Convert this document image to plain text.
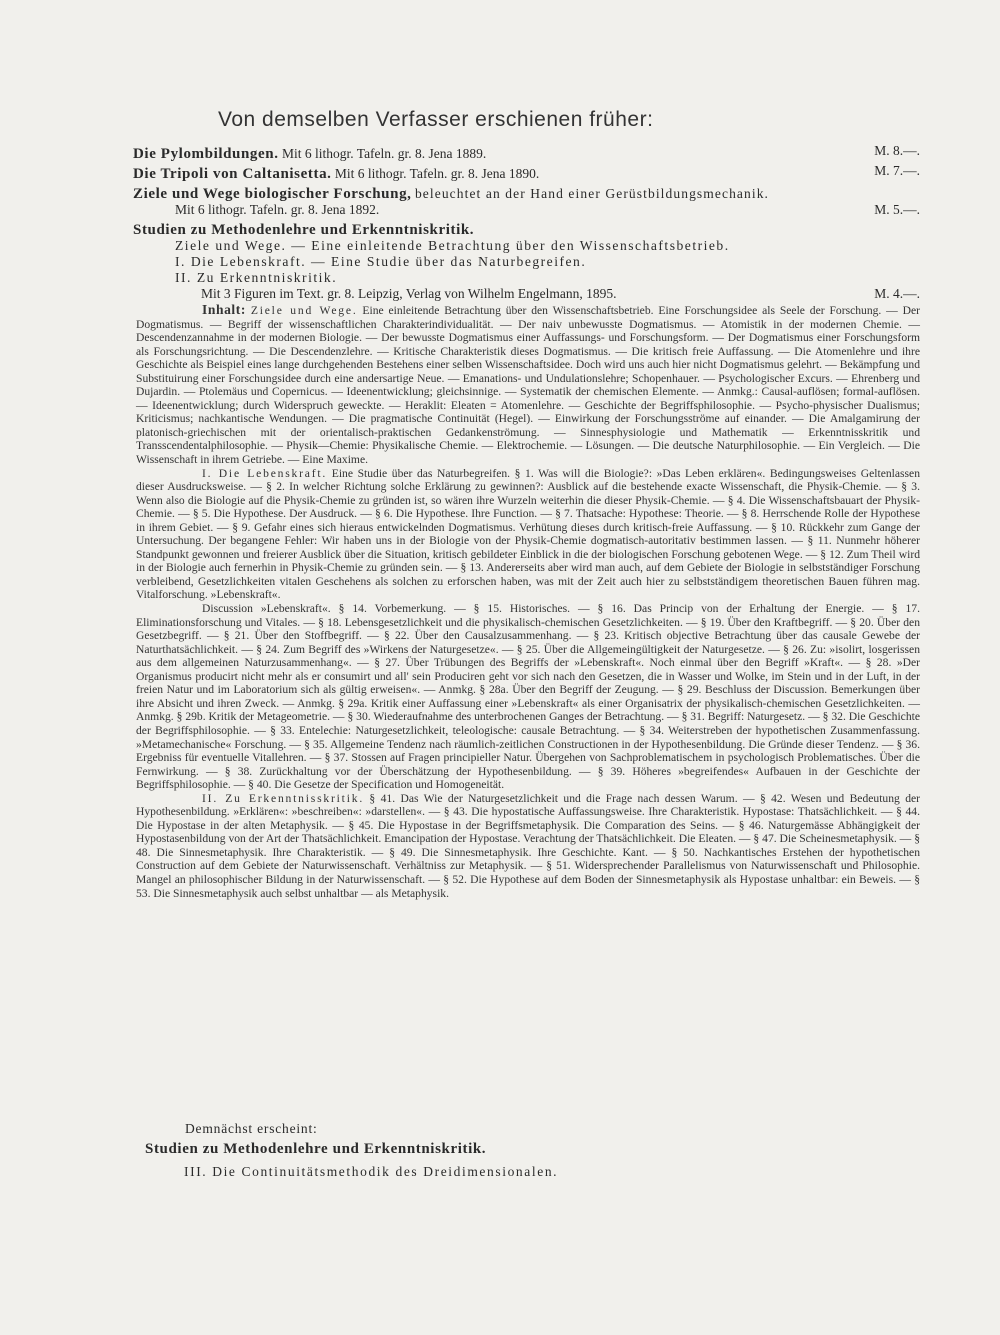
Von demselben Verfasser erschienen früher:
Die Pylombildungen. Mit 6 lithogr. Tafeln. gr. 8. Jena 1889.	M. 8.—.
Die Tripoli von Caltanisetta. Mit 6 lithogr. Tafeln. gr. 8. Jena 1890.	M. 7.—.
Ziele und Wege biologischer Forschung, beleuchtet an der Hand einer Gerüstbildungsmechanik.
Mit 6 lithogr. Tafeln. gr. 8. Jena 1892.	M. 5.—.
Studien zu Methodenlehre und Erkenntniskritik.
Ziele und Wege. — Eine einleitende Betrachtung über den Wissenschaftsbetrieb.
I. Die Lebenskraft. — Eine Studie über das Naturbegreifen.
II. Zu Erkenntniskritik.
Mit 3 Figuren im Text. gr. 8. Leipzig, Verlag von Wilhelm Engelmann, 1895.	M. 4.—.

Inhalt: Ziele und Wege. Eine einleitende Betrachtung über den Wissenschaftsbetrieb. Eine Forschungsidee als Seele der Forschung. — Der Dogmatismus. — Begriff der wissenschaftlichen Charakterindividualität. — Der naiv unbewusste Dogmatismus. — Atomistik in der modernen Chemie. — Descendenzannahme in der modernen Biologie. — Der bewusste Dogmatismus einer Auffassungs- und Forschungsform. — Der Dogmatismus einer Forschungsform als Forschungsrichtung. — Die Descendenzlehre. — Kritische Charakteristik dieses Dogmatismus. — Die kritisch freie Auffassung. — Die Atomenlehre und ihre Geschichte als Beispiel eines lange durchgehenden Bestehens einer selben Wissenschaftsidee. Doch wird uns auch hier nicht Dogmatismus gelehrt. — Bekämpfung und Substituirung einer Forschungsidee durch eine andersartige Neue. — Emanations- und Undulationslehre; Schopenhauer. — Psychologischer Excurs. — Ehrenberg und Dujardin. — Ptolemäus und Copernicus. — Ideenentwicklung; gleichsinnige. — Systematik der chemischen Elemente. — Anmkg.: Causal-auflösen; formal-auflösen. — Ideenentwicklung; durch Widerspruch geweckte. — Heraklit: Eleaten = Atomenlehre. — Geschichte der Begriffsphilosophie. — Psycho-physischer Dualismus; Kriticismus; nachkantische Wendungen. — Die pragmatische Continuität (Hegel). — Einwirkung der Forschungsströme auf einander. — Die Amalgamirung der platonisch-griechischen mit der orientalisch-praktischen Gedankenströmung. — Sinnesphysiologie und Mathematik — Erkenntnisskritik und Transscendentalphilosophie. — Physik—Chemie: Physikalische Chemie. — Elektrochemie. — Lösungen. — Die deutsche Naturphilosophie. — Ein Vergleich. — Die Wissenschaft in ihrem Getriebe. — Eine Maxime.

I. Die Lebenskraft. Eine Studie über das Naturbegreifen. § 1. Was will die Biologie?: »Das Leben erklären«. Bedingungsweises Geltenlassen dieser Ausdrucksweise. — § 2. In welcher Richtung solche Erklärung zu gewinnen?: Ausblick auf die bestehende exacte Wissenschaft, die Physik-Chemie. — § 3. Wenn also die Biologie auf die Physik-Chemie zu gründen ist, so wären ihre Wurzeln weiterhin die dieser Physik-Chemie. — § 4. Die Wissenschaftsbauart der Physik-Chemie. — § 5. Die Hypothese. Der Ausdruck. — § 6. Die Hypothese. Ihre Function. — § 7. Thatsache: Hypothese: Theorie. — § 8. Herrschende Rolle der Hypothese in ihrem Gebiet. — § 9. Gefahr eines sich hieraus entwickelnden Dogmatismus. Verhütung dieses durch kritisch-freie Auffassung. — § 10. Rückkehr zum Gange der Untersuchung. Der begangene Fehler: Wir haben uns in der Biologie von der Physik-Chemie dogmatisch-autoritativ bestimmen lassen. — § 11. Nunmehr höherer Standpunkt gewonnen und freierer Ausblick über die Situation, kritisch gebildeter Einblick in die der biologischen Forschung gebotenen Wege. — § 12. Zum Theil wird in der Biologie auch fernerhin in Physik-Chemie zu gründen sein. — § 13. Andererseits aber wird man auch, auf dem Gebiete der Biologie in selbstständiger Forschung verbleibend, Gesetzlichkeiten vitalen Geschehens als solchen zu erforschen haben, was mit der Zeit auch hier zu selbstständigem theoretischen Bauen führen mag. Vitalforschung. »Lebenskraft«.

Discussion »Lebenskraft«. § 14. Vorbemerkung. — § 15. Historisches. — § 16. Das Princip von der Erhaltung der Energie. — § 17. Eliminationsforschung und Vitales. — § 18. Lebensgesetzlichkeit und die physikalisch-chemischen Gesetzlichkeiten. — § 19. Über den Kraftbegriff. — § 20. Über den Gesetzbegriff. — § 21. Über den Stoffbegriff. — § 22. Über den Causalzusammenhang. — § 23. Kritisch objective Betrachtung über das causale Gewebe der Naturthatsächlichkeit. — § 24. Zum Begriff des »Wirkens der Naturgesetze«. — § 25. Über die Allgemeingültigkeit der Naturgesetze. — § 26. Zu: »isolirt, losgerissen aus dem allgemeinen Naturzusammenhang«. — § 27. Über Trübungen des Begriffs der »Lebenskraft«. Noch einmal über den Begriff »Kraft«. — § 28. »Der Organismus producirt nicht mehr als er consumirt und all' sein Produciren geht vor sich nach den Gesetzen, die in Wasser und Wolke, im Stein und in der Luft, in der freien Natur und im Laboratorium sich als gültig erweisen«. — Anmkg. § 28a. Über den Begriff der Zeugung. — § 29. Beschluss der Discussion. Bemerkungen über ihre Absicht und ihren Zweck. — Anmkg. § 29a. Kritik einer Auffassung einer »Lebenskraft« als einer Organisatrix der physikalisch-chemischen Gesetzlichkeiten. — Anmkg. § 29b. Kritik der Metageometrie. — § 30. Wiederaufnahme des unterbrochenen Ganges der Betrachtung. — § 31. Begriff: Naturgesetz. — § 32. Die Geschichte der Begriffsphilosophie. — § 33. Entelechie: Naturgesetzlichkeit, teleologische: causale Betrachtung. — § 34. Weiterstreben der hypothetischen Zusammenfassung. »Metamechanische« Forschung. — § 35. Allgemeine Tendenz nach räumlich-zeitlichen Constructionen in der Hypothesenbildung. Die Gründe dieser Tendenz. — § 36. Ergebniss für eventuelle Vitallehren. — § 37. Stossen auf Fragen principieller Natur. Übergehen von Sachproblematischem in psychologisch Problematisches. Über die Fernwirkung. — § 38. Zurückhaltung vor der Überschätzung der Hypothesenbildung. — § 39. Höheres »begreifendes« Aufbauen in der Geschichte der Begriffsphilosophie. — § 40. Die Gesetze der Specification und Homogeneität.

II. Zu Erkenntnisskritik. § 41. Das Wie der Naturgesetzlichkeit und die Frage nach dessen Warum. — § 42. Wesen und Bedeutung der Hypothesenbildung. »Erklären«: »beschreiben«: »darstellen«. — § 43. Die hypostatische Auffassungsweise. Ihre Charakteristik. Hypostase: Thatsächlichkeit. — § 44. Die Hypostase in der alten Metaphysik. — § 45. Die Hypostase in der Begriffsmetaphysik. Die Comparation des Seins. — § 46. Naturgemässe Abhängigkeit der Hypostasenbildung von der Art der Thatsächlichkeit. Emancipation der Hypostase. Verachtung der Thatsächlichkeit. Die Eleaten. — § 47. Die Scheinesmetaphysik. — § 48. Die Sinnesmetaphysik. Ihre Charakteristik. — § 49. Die Sinnesmetaphysik. Ihre Geschichte. Kant. — § 50. Nachkantisches Erstehen der hypothetischen Construction auf dem Gebiete der Naturwissenschaft. Verhältniss zur Metaphysik. — § 51. Widersprechender Parallelismus von Naturwissenschaft und Philosophie. Mangel an philosophischer Bildung in der Naturwissenschaft. — § 52. Die Hypothese auf dem Boden der Sinnesmetaphysik als Hypostase unhaltbar: ein Beweis. — § 53. Die Sinnesmetaphysik auch selbst unhaltbar — als Metaphysik.

Demnächst erscheint:
Studien zu Methodenlehre und Erkenntniskritik.
III. Die Continuitätsmethodik des Dreidimensionalen.
